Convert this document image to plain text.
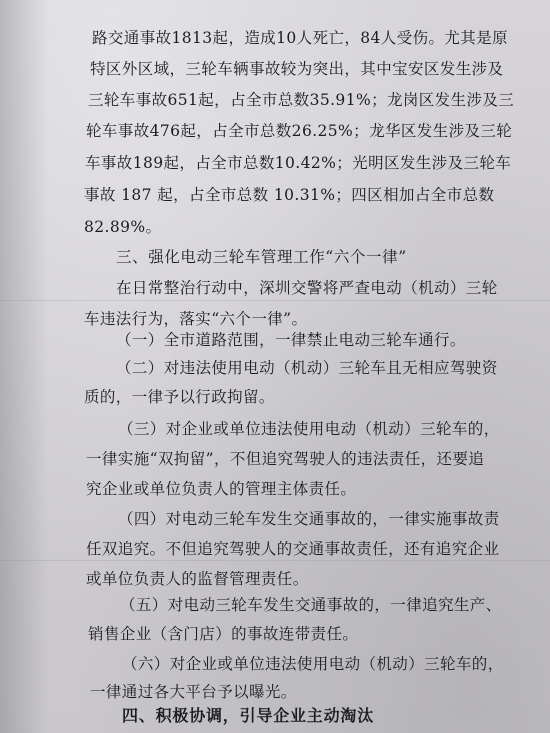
路交通事故1813起，造成10人死亡，84人受伤。尤其是原
特区外区域，三轮车辆事故较为突出，其中宝安区发生涉及
三轮车事故651起，占全市总数35.91%；龙岗区发生涉及三
轮车事故476起，占全市总数26.25%；龙华区发生涉及三轮
车事故189起，占全市总数10.42%；光明区发生涉及三轮车
事故 187 起，占全市总数 10.31%；四区相加占全市总数
82.89%。
三、强化电动三轮车管理工作“六个一律”
在日常整治行动中，深圳交警将严查电动（机动）三轮
车违法行为，落实“六个一律”。
（一）全市道路范围，一律禁止电动三轮车通行。
（二）对违法使用电动（机动）三轮车且无相应驾驶资
质的，一律予以行政拘留。
（三）对企业或单位违法使用电动（机动）三轮车的，
一律实施“双拘留”，不但追究驾驶人的违法责任，还要追
究企业或单位负责人的管理主体责任。
（四）对电动三轮车发生交通事故的，一律实施事故责
任双追究。不但追究驾驶人的交通事故责任，还有追究企业
或单位负责人的监督管理责任。
（五）对电动三轮车发生交通事故的，一律追究生产、
销售企业（含门店）的事故连带责任。
（六）对企业或单位违法使用电动（机动）三轮车的，
一律通过各大平台予以曝光。
四、积极协调，引导企业主动淘汰
